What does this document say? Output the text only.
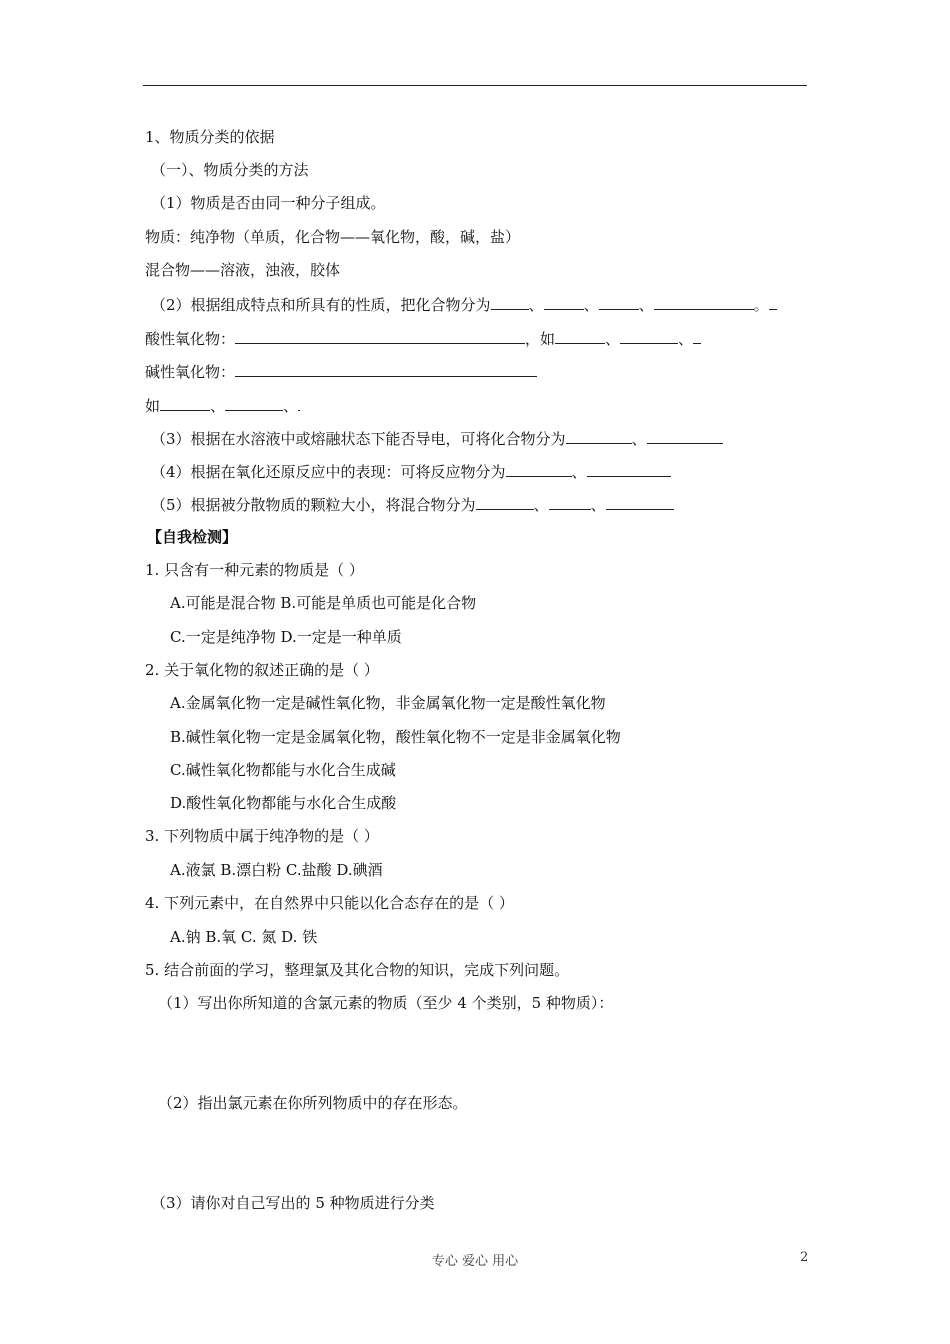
1、物质分类的依据
（一）、物质分类的方法
（1）物质是否由同一种分子组成。
物质：纯净物（单质，化合物——氧化物，酸，碱，盐）
混合物——溶液，浊液，胶体
（2）根据组成特点和所具有的性质，把化合物分为	、	、	、	。
酸性氧化物：	，如	、	、
碱性氧化物：
如	、	、
（3）根据在水溶液中或熔融状态下能否导电，可将化合物分为	、
（4）根据在氧化还原反应中的表现：可将反应物分为	、
（5）根据被分散物质的颗粒大小，将混合物分为	、	、
【自我检测】
1. 只含有一种元素的物质是（ ）
A.可能是混合物 B.可能是单质也可能是化合物
C.一定是纯净物 D.一定是一种单质
2. 关于氧化物的叙述正确的是（ ）
A.金属氧化物一定是碱性氧化物，非金属氧化物一定是酸性氧化物
B.碱性氧化物一定是金属氧化物，酸性氧化物不一定是非金属氧化物
C.碱性氧化物都能与水化合生成碱
D.酸性氧化物都能与水化合生成酸
3. 下列物质中属于纯净物的是（ ）
A.液氯 B.漂白粉 C.盐酸 D.碘酒
4. 下列元素中，在自然界中只能以化合态存在的是（ ）
A.钠 B.氧 C. 氮 D. 铁
5. 结合前面的学习，整理氯及其化合物的知识，完成下列问题。
（1）写出你所知道的含氯元素的物质（至少 4 个类别，5 种物质）：
（2）指出氯元素在你所列物质中的存在形态。
（3）请你对自己写出的 5 种物质进行分类
专心 爱心 用心	2
